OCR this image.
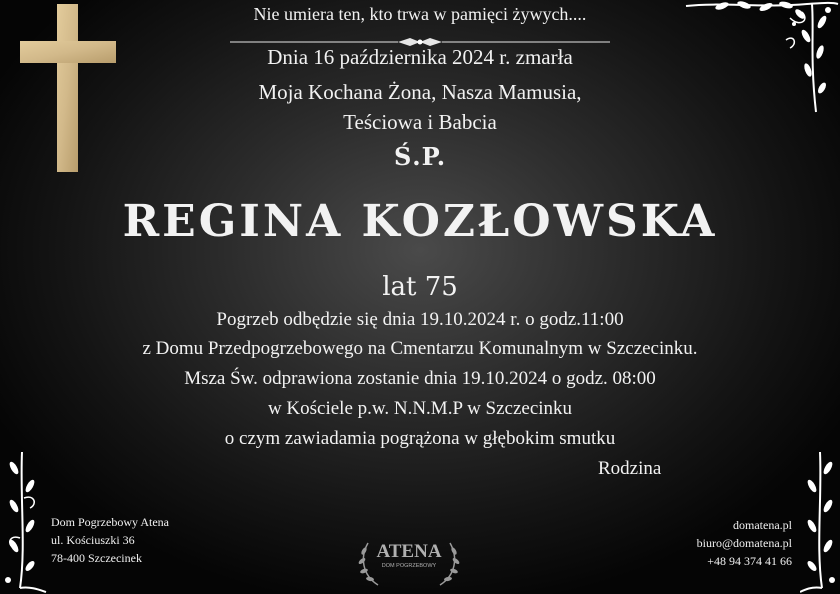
Nie umiera ten, kto trwa w pamięci żywych....
Dnia 16 października 2024 r. zmarła
Moja Kochana Żona, Nasza Mamusia,
Teściowa i Babcia
Ś.P.
REGINA KOZŁOWSKA
lat 75
Pogrzeb odbędzie się dnia 19.10.2024 r. o godz.11:00
z Domu Przedpogrzebowego na Cmentarzu Komunalnym w Szczecinku.
Msza Św. odprawiona zostanie dnia 19.10.2024 o godz. 08:00
w Kościele p.w. N.N.M.P w Szczecinku
o czym zawiadamia pogrążona w głębokim smutku
Rodzina
Dom Pogrzebowy Atena
ul. Kościuszki 36
78-400 Szczecinek
domatena.pl
biuro@domatena.pl
+48 94 374 41 66
ATENA
DOM POGRZEBOWY
